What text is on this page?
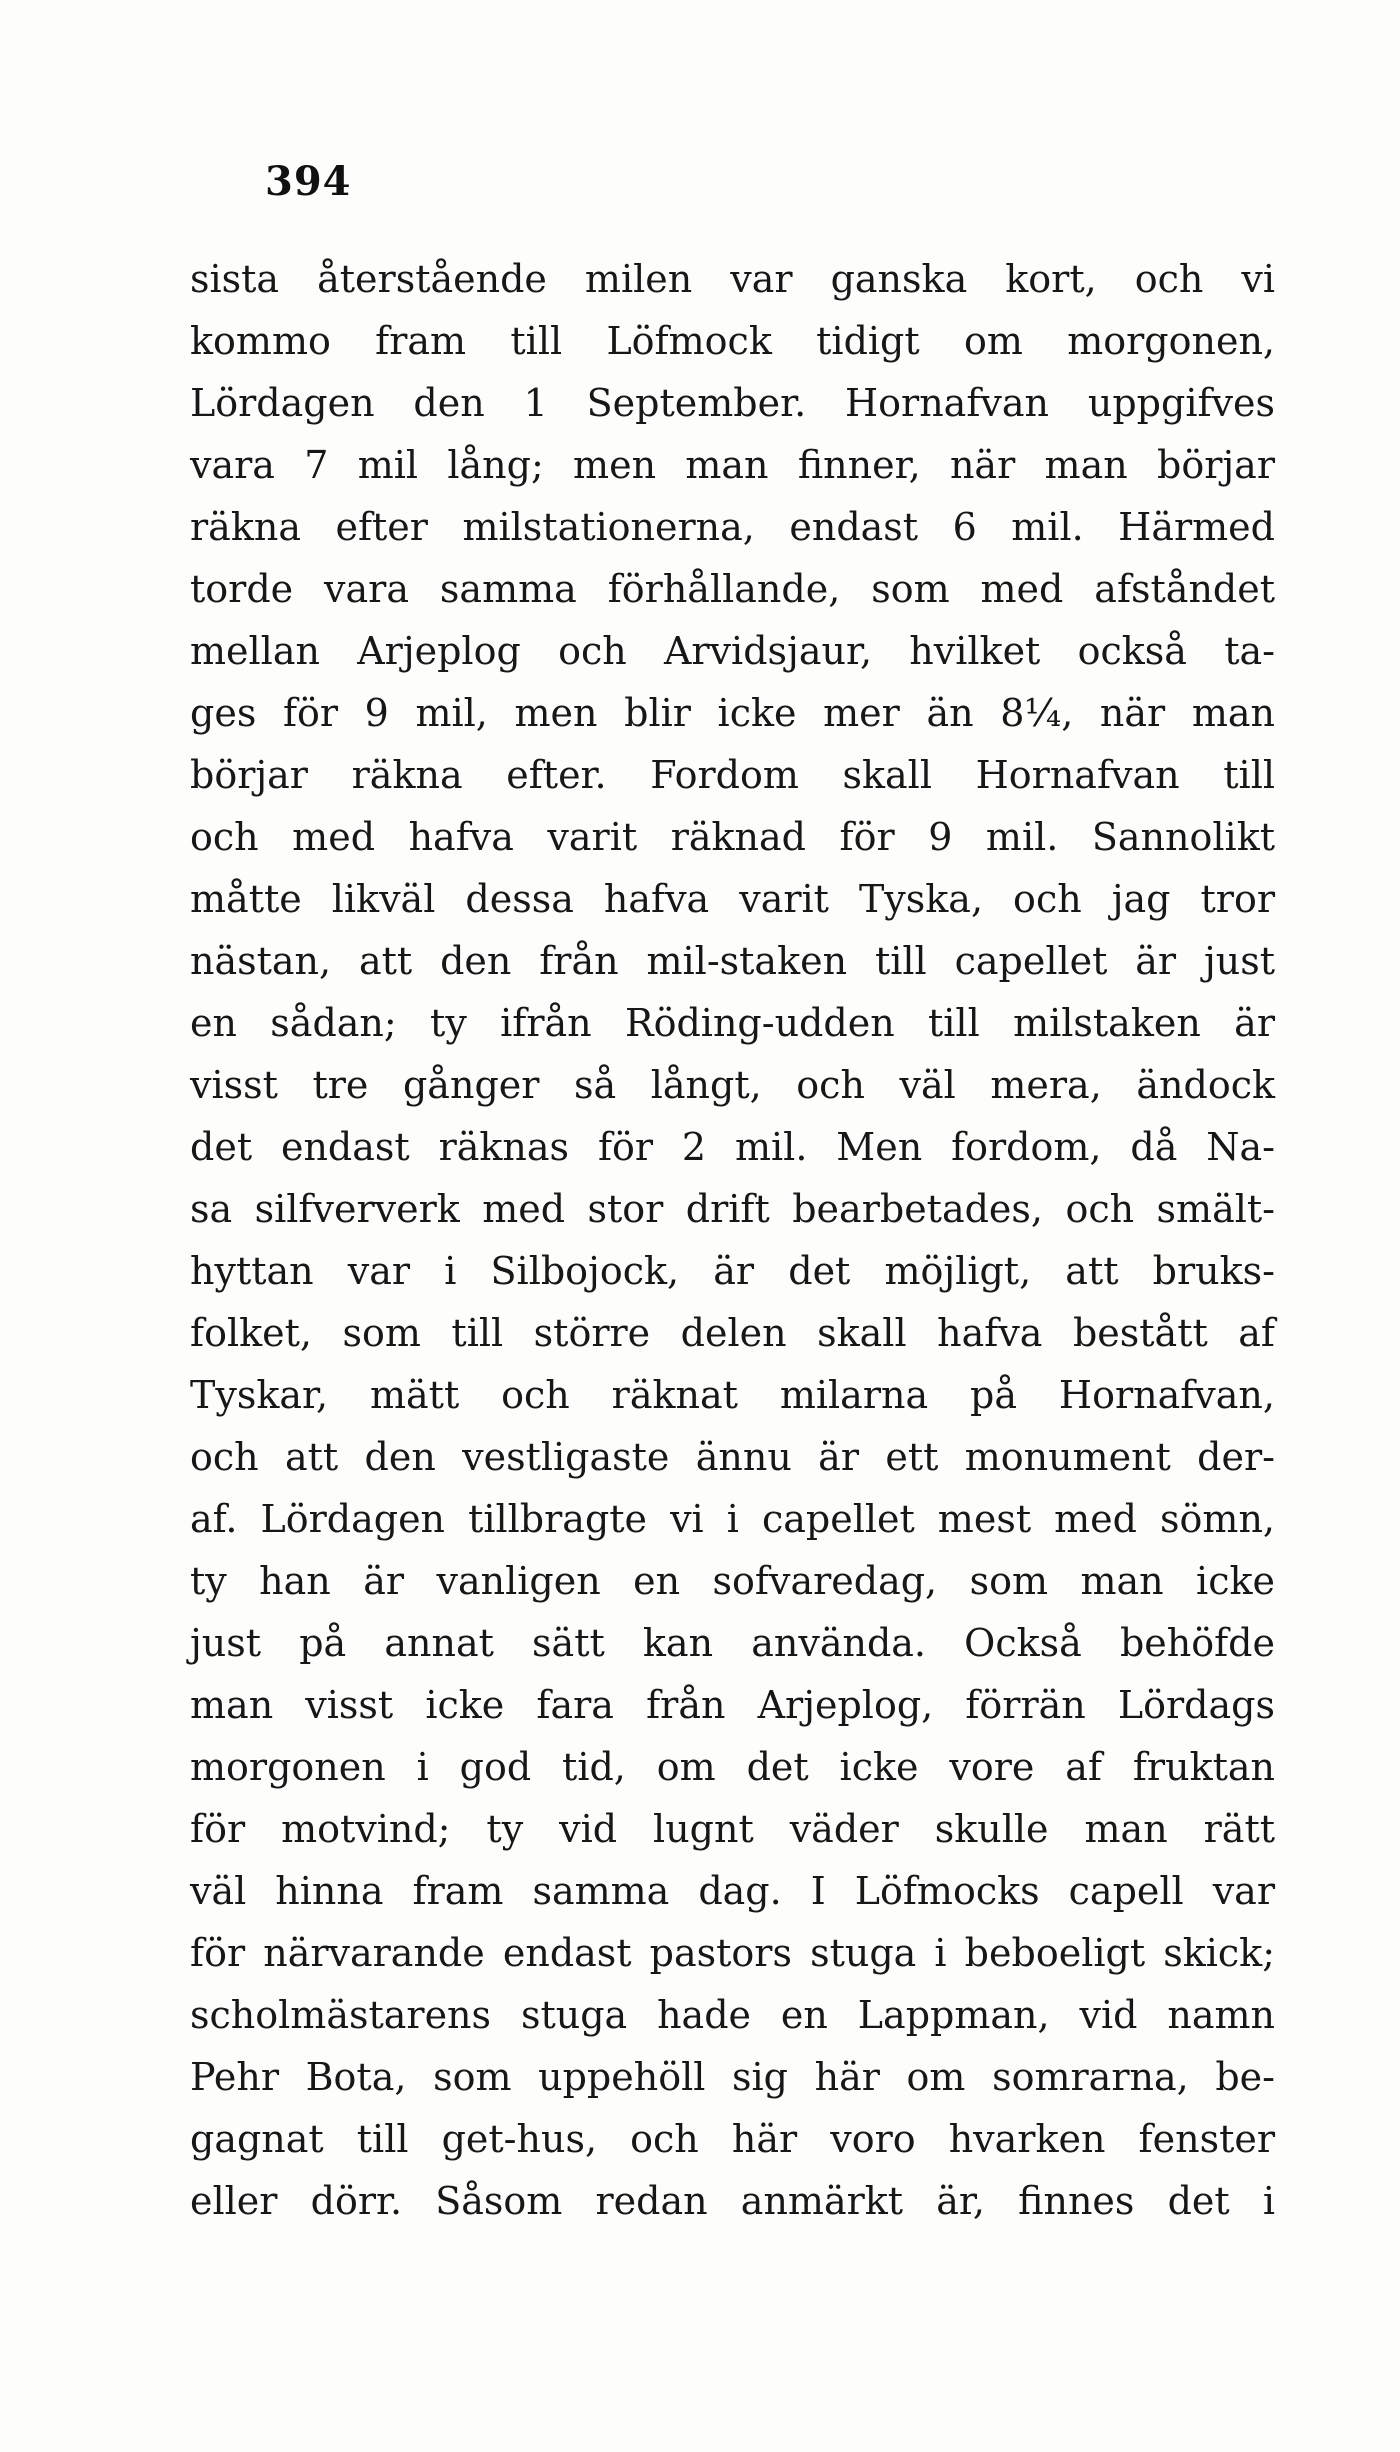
394
sista återstående milen var ganska kort, och vi
kommo fram till Löfmock tidigt om morgonen,
Lördagen den 1 September. Hornafvan uppgifves
vara 7 mil lång; men man finner, när man börjar
räkna efter milstationerna, endast 6 mil. Härmed
torde vara samma förhållande, som med afståndet
mellan Arjeplog och Arvidsjaur, hvilket också ta-
ges för 9 mil, men blir icke mer än 8¼, när man
börjar räkna efter. Fordom skall Hornafvan till
och med hafva varit räknad för 9 mil. Sannolikt
måtte likväl dessa hafva varit Tyska, och jag tror
nästan, att den från mil-staken till capellet är just
en sådan; ty ifrån Röding-udden till milstaken är
visst tre gånger så långt, och väl mera, ändock
det endast räknas för 2 mil. Men fordom, då Na-
sa silfververk med stor drift bearbetades, och smält-
hyttan var i Silbojock, är det möjligt, att bruks-
folket, som till större delen skall hafva bestått af
Tyskar, mätt och räknat milarna på Hornafvan,
och att den vestligaste ännu är ett monument der-
af. Lördagen tillbragte vi i capellet mest med sömn,
ty han är vanligen en sofvaredag, som man icke
just på annat sätt kan använda. Också behöfde
man visst icke fara från Arjeplog, förrän Lördags
morgonen i god tid, om det icke vore af fruktan
för motvind; ty vid lugnt väder skulle man rätt
väl hinna fram samma dag. I Löfmocks capell var
för närvarande endast pastors stuga i beboeligt skick;
scholmästarens stuga hade en Lappman, vid namn
Pehr Bota, som uppehöll sig här om somrarna, be-
gagnat till get-hus, och här voro hvarken fenster
eller dörr. Såsom redan anmärkt är, finnes det i
